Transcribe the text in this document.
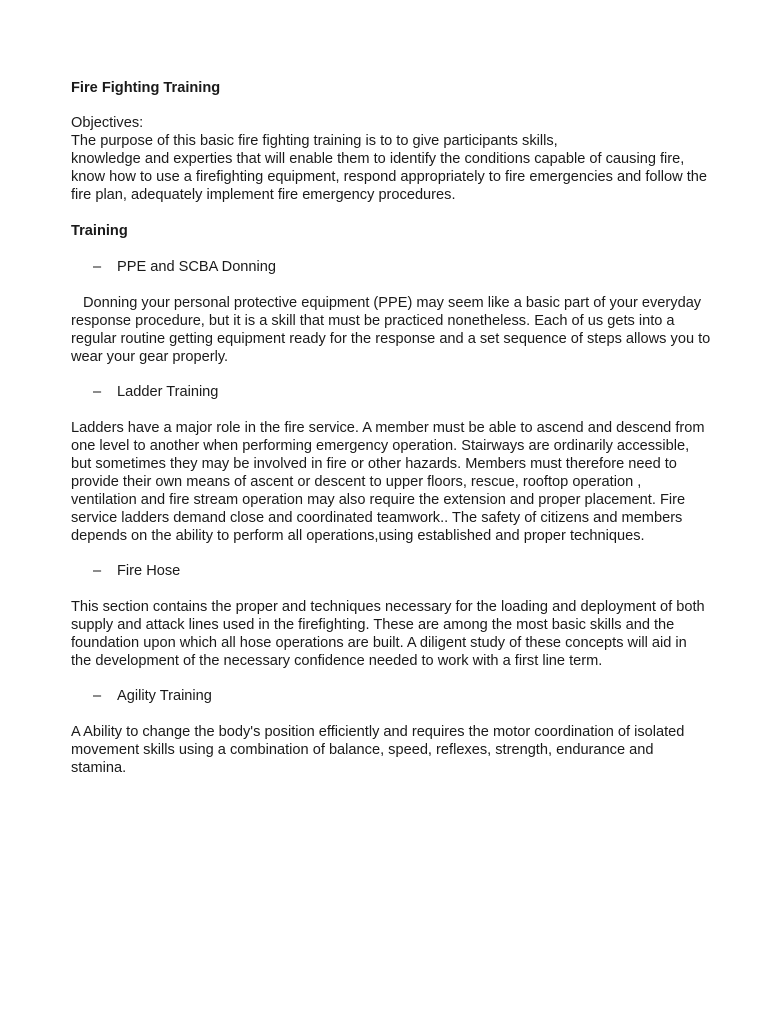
Fire Fighting Training

Objectives:

The purpose of this basic fire fighting training is to to give participants skills,

knowledge and experties that will enable them to identify the conditions capable of causing fire, know how to use a firefighting equipment, respond appropriately to fire emergencies and follow the fire plan, adequately implement fire emergency procedures.

Training
–	PPE and SCBA Donning

Donning your personal protective equipment (PPE) may seem like a basic part of your everyday response procedure, but it is a skill that must be practiced nonetheless. Each of us gets into a regular routine getting equipment ready for the response and a set sequence of steps allows you to wear your gear properly.

–	Ladder Training

Ladders have a major role in the fire service. A member must be able to ascend and descend from one level to another when performing emergency operation. Stairways are ordinarily accessible, but sometimes they may be involved in fire or other hazards. Members must therefore need to provide their own means of ascent or descent to upper floors, rescue, rooftop operation , ventilation and fire stream operation may also require the extension and proper placement. Fire service ladders demand close and coordinated teamwork.. The safety of citizens and members depends on the ability to perform all operations,using established and proper techniques.

–	Fire Hose

This section contains the proper and techniques necessary for the loading and deployment of both supply and attack lines used in the firefighting. These are among the most basic skills and the foundation upon which all hose operations are built. A diligent study of these concepts will aid in the development of the necessary confidence needed to work with a first line term.

–	Agility Training

A Ability to change the body's position efficiently and requires the motor coordination of isolated movement skills using a combination of balance, speed, reflexes, strength, endurance and stamina.
